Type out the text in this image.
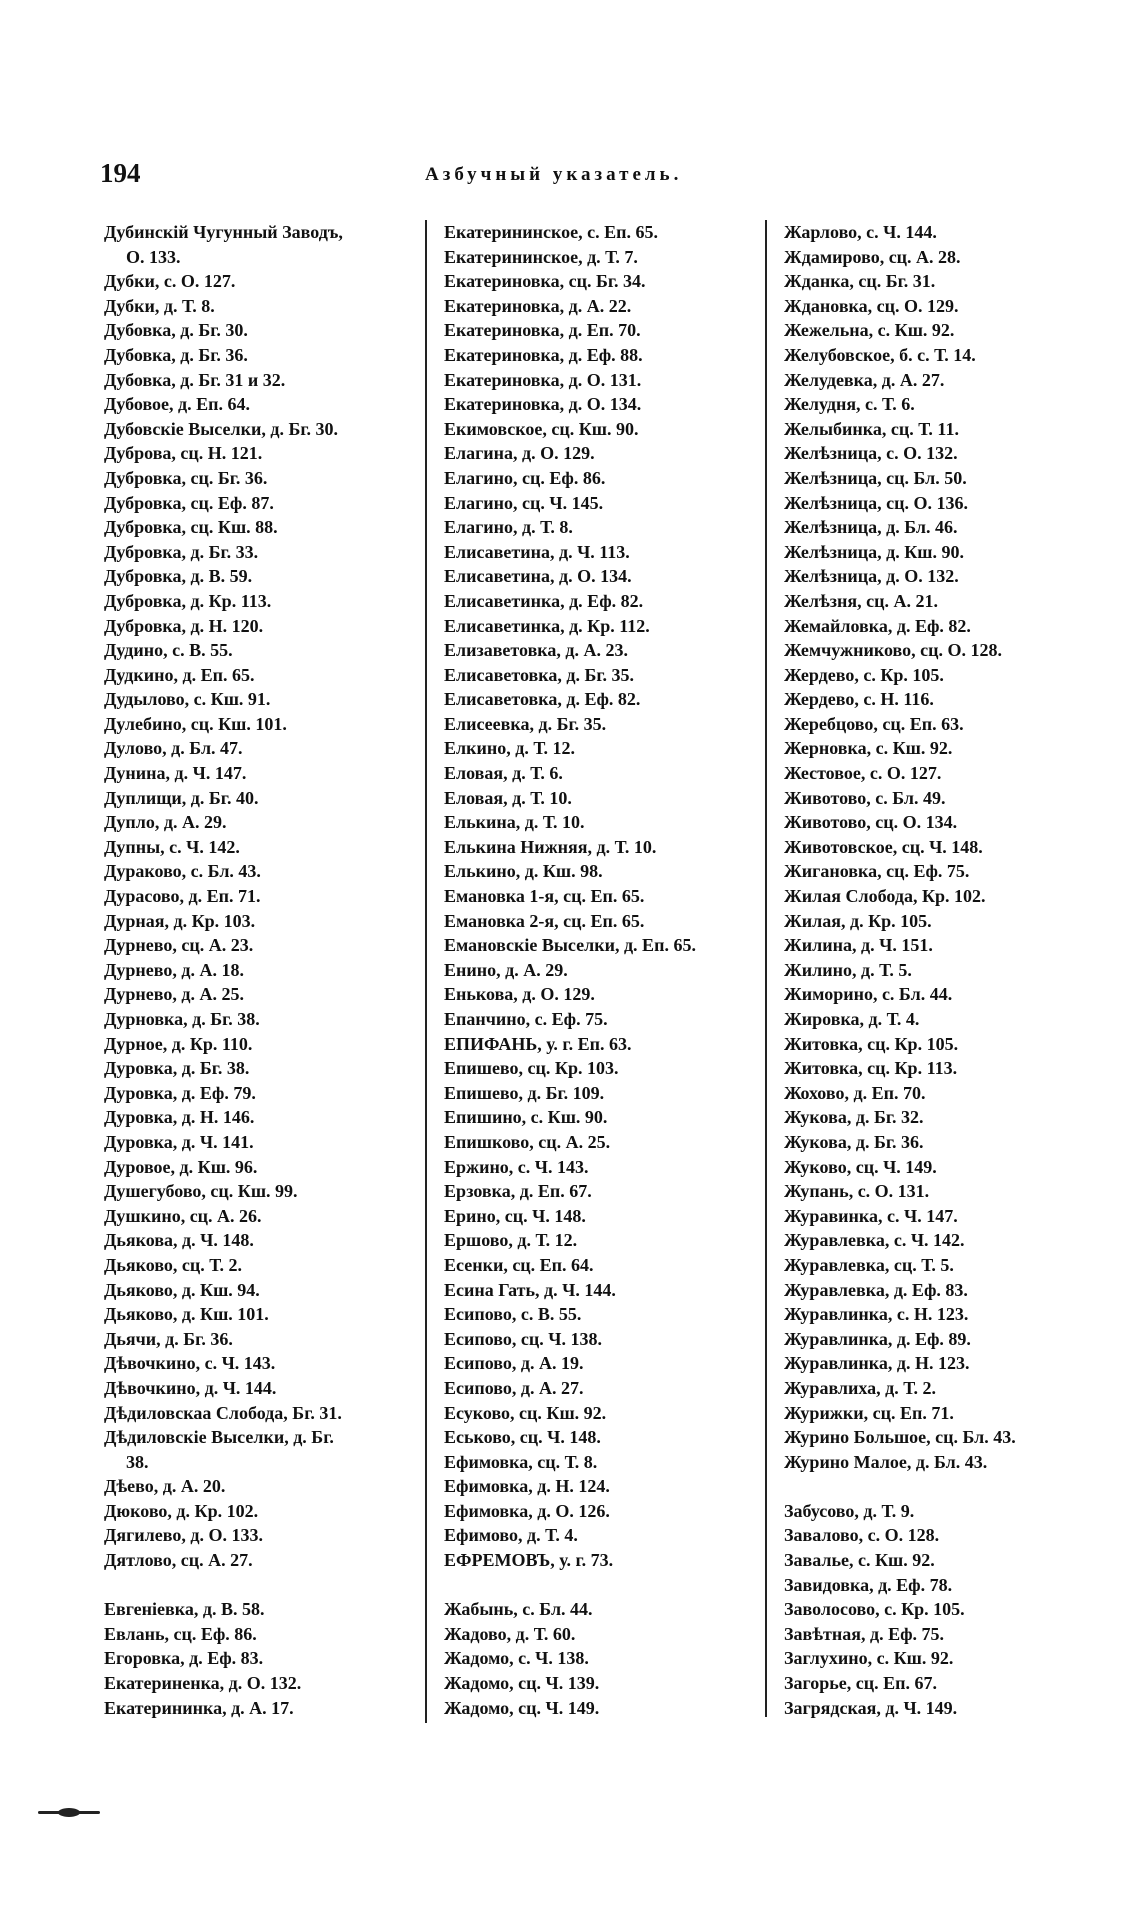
194	Азбучный указатель.
Дубинскій Чугунный Заводъ,
О. 133.
Дубки, с. О. 127.
Дубки, д. Т. 8.
Дубовка, д. Бг. 30.
Дубовка, д. Бг. 36.
Дубовка, д. Бг. 31 и 32.
Дубовое, д. Еп. 64.
Дубовскіе Выселки, д. Бг. 30.
Дуброва, сц. Н. 121.
Дубровка, сц. Бг. 36.
Дубровка, сц. Еф. 87.
Дубровка, сц. Кш. 88.
Дубровка, д. Бг. 33.
Дубровка, д. В. 59.
Дубровка, д. Кр. 113.
Дубровка, д. Н. 120.
Дудино, с. В. 55.
Дудкино, д. Еп. 65.
Дудылово, с. Кш. 91.
Дулебино, сц. Кш. 101.
Дулово, д. Бл. 47.
Дунина, д. Ч. 147.
Дуплищи, д. Бг. 40.
Дупло, д. А. 29.
Дупны, с. Ч. 142.
Дураково, с. Бл. 43.
Дурасово, д. Еп. 71.
Дурная, д. Кр. 103.
Дурнево, сц. А. 23.
Дурнево, д. А. 18.
Дурнево, д. А. 25.
Дурновка, д. Бг. 38.
Дурное, д. Кр. 110.
Дуровка, д. Бг. 38.
Дуровка, д. Еф. 79.
Дуровка, д. Н. 146.
Дуровка, д. Ч. 141.
Дуровое, д. Кш. 96.
Душегубово, сц. Кш. 99.
Душкино, сц. А. 26.
Дьякова, д. Ч. 148.
Дьяково, сц. Т. 2.
Дьяково, д. Кш. 94.
Дьяково, д. Кш. 101.
Дьячи, д. Бг. 36.
Дѣвочкино, с. Ч. 143.
Дѣвочкино, д. Ч. 144.
Дѣдиловскаа Слобода, Бг. 31.
Дѣдиловскіе Выселки, д. Бг.
38.
Дѣево, д. А. 20.
Дюково, д. Кр. 102.
Дягилево, д. О. 133.
Дятлово, сц. А. 27.
Евгеніевка, д. В. 58.
Евлань, сц. Еф. 86.
Егоровка, д. Еф. 83.
Екатериненка, д. О. 132.
Екатерининка, д. А. 17.
Екатерининское, с. Еп. 65.
Екатерининское, д. Т. 7.
Екатериновка, сц. Бг. 34.
Екатериновка, д. А. 22.
Екатериновка, д. Еп. 70.
Екатериновка, д. Еф. 88.
Екатериновка, д. О. 131.
Екатериновка, д. О. 134.
Екимовское, сц. Кш. 90.
Елагина, д. О. 129.
Елагино, сц. Еф. 86.
Елагино, сц. Ч. 145.
Елагино, д. Т. 8.
Елисаветина, д. Ч. 113.
Елисаветина, д. О. 134.
Елисаветинка, д. Еф. 82.
Елисаветинка, д. Кр. 112.
Елизаветовка, д. А. 23.
Елисаветовка, д. Бг. 35.
Елисаветовка, д. Еф. 82.
Елисеевка, д. Бг. 35.
Елкино, д. Т. 12.
Еловая, д. Т. 6.
Еловая, д. Т. 10.
Елькина, д. Т. 10.
Елькина Нижняя, д. Т. 10.
Елькино, д. Кш. 98.
Емановка 1-я, сц. Еп. 65.
Емановка 2-я, сц. Еп. 65.
Емановскіе Выселки, д. Еп. 65.
Енино, д. А. 29.
Енькова, д. О. 129.
Епанчино, с. Еф. 75.
ЕПИФАНЬ, у. г. Еп. 63.
Епишево, сц. Кр. 103.
Епишево, д. Бг. 109.
Епишино, с. Кш. 90.
Епишково, сц. А. 25.
Ержино, с. Ч. 143.
Ерзовка, д. Еп. 67.
Ерино, сц. Ч. 148.
Ершово, д. Т. 12.
Есенки, сц. Еп. 64.
Есина Гать, д. Ч. 144.
Есипово, с. В. 55.
Есипово, сц. Ч. 138.
Есипово, д. А. 19.
Есипово, д. А. 27.
Есуково, сц. Кш. 92.
Еськово, сц. Ч. 148.
Ефимовка, сц. Т. 8.
Ефимовка, д. Н. 124.
Ефимовка, д. О. 126.
Ефимово, д. Т. 4.
ЕФРЕМОВЪ, у. г. 73.
Жабынь, с. Бл. 44.
Жадово, д. Т. 60.
Жадомо, с. Ч. 138.
Жадомо, сц. Ч. 139.
Жадомо, сц. Ч. 149.
Жарлово, с. Ч. 144.
Ждамирово, сц. А. 28.
Жданка, сц. Бг. 31.
Ждановка, сц. О. 129.
Жежельна, с. Кш. 92.
Желубовское, б. с. Т. 14.
Желудевка, д. А. 27.
Желудня, с. Т. 6.
Желыбинка, сц. Т. 11.
Желѣзница, с. О. 132.
Желѣзница, сц. Бл. 50.
Желѣзница, сц. О. 136.
Желѣзница, д. Бл. 46.
Желѣзница, д. Кш. 90.
Желѣзница, д. О. 132.
Желѣзня, сц. А. 21.
Жемайловка, д. Еф. 82.
Жемчужниково, сц. О. 128.
Жердево, с. Кр. 105.
Жердево, с. Н. 116.
Жеребцово, сц. Еп. 63.
Жерновка, с. Кш. 92.
Жестовое, с. О. 127.
Животово, с. Бл. 49.
Животово, сц. О. 134.
Животовское, сц. Ч. 148.
Жигановка, сц. Еф. 75.
Жилая Слобода, Кр. 102.
Жилая, д. Кр. 105.
Жилина, д. Ч. 151.
Жилино, д. Т. 5.
Жиморино, с. Бл. 44.
Жировка, д. Т. 4.
Житовка, сц. Кр. 105.
Житовка, сц. Кр. 113.
Жохово, д. Еп. 70.
Жукова, д. Бг. 32.
Жукова, д. Бг. 36.
Жуково, сц. Ч. 149.
Жупань, с. О. 131.
Журавинка, с. Ч. 147.
Журавлевка, с. Ч. 142.
Журавлевка, сц. Т. 5.
Журавлевка, д. Еф. 83.
Журавлинка, с. Н. 123.
Журавлинка, д. Еф. 89.
Журавлинка, д. Н. 123.
Журавлиха, д. Т. 2.
Журижки, сц. Еп. 71.
Журино Большое, сц. Бл. 43.
Журино Малое, д. Бл. 43.
Забусово, д. Т. 9.
Завалово, с. О. 128.
Завалье, с. Кш. 92.
Завидовка, д. Еф. 78.
Заволосово, с. Кр. 105.
Завѣтная, д. Еф. 75.
Заглухино, с. Кш. 92.
Загорье, сц. Еп. 67.
Загрядская, д. Ч. 149.
